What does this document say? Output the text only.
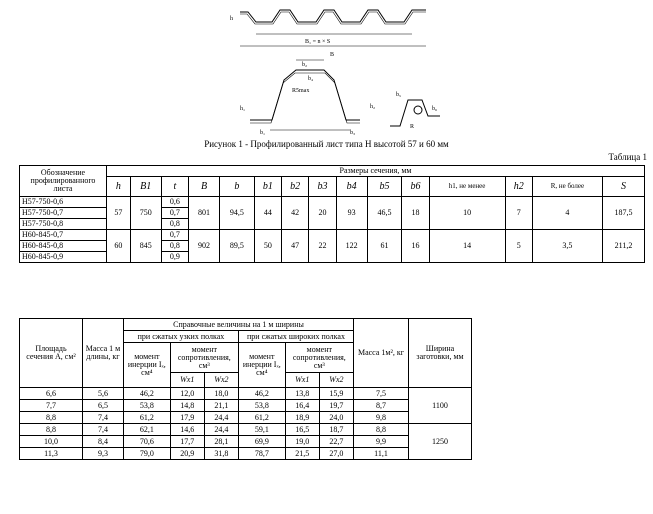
B₁ = n × S
B
b₁
b₂
b₃
b₄
b₅
b₆
h
h₁	h₂
R5max
R
Рисунок 1 - Профилированный лист типа Н высотой 57 и 60 мм
Таблица 1
Обозначение профилированного листа	Размеры сечения, мм														
	h	B1	t	B	b	b1	b2	b3	b4	b5	b6	h1, не менее	h2	R, не более	S
Н57-750-0,6	57	750	0,6	801	94,5	44	42	20	93	46,5	18	10	7	4	187,5
Н57-750-0,7			0,7												
Н57-750-0,8			0,8												
Н60-845-0,7	60	845	0,7	902	89,5	50	47	22	122	61	16	14	5	3,5	211,2
Н60-845-0,8			0,8												
Н60-845-0,9			0,9												
Площадь сечения А, см²	Масса 1 м длины, кг	Справочные величины на 1 м ширины						Масса 1м², кг	Ширина заготовки, мм
		при сжатых узких полках			при сжатых широких полках				
		момент инерции Iₓ, см⁴	момент сопротивления, см³		момент инерции Iₓ, см⁴	момент сопротивления, см³			
			Wx1	Wx2		Wx1	Wx2		
6,6	5,6	46,2	12,0	18,0	46,2	13,8	15,9	7,5	1100
7,7	6,5	53,8	14,8	21,1	53,8	16,4	19,7	8,7	
8,8	7,4	61,2	17,9	24,4	61,2	18,9	24,0	9,8	
8,8	7,4	62,1	14,6	24,4	59,1	16,5	18,7	8,8	1250
10,0	8,4	70,6	17,7	28,1	69,9	19,0	22,7	9,9	
11,3	9,3	79,0	20,9	31,8	78,7	21,5	27,0	11,1	
